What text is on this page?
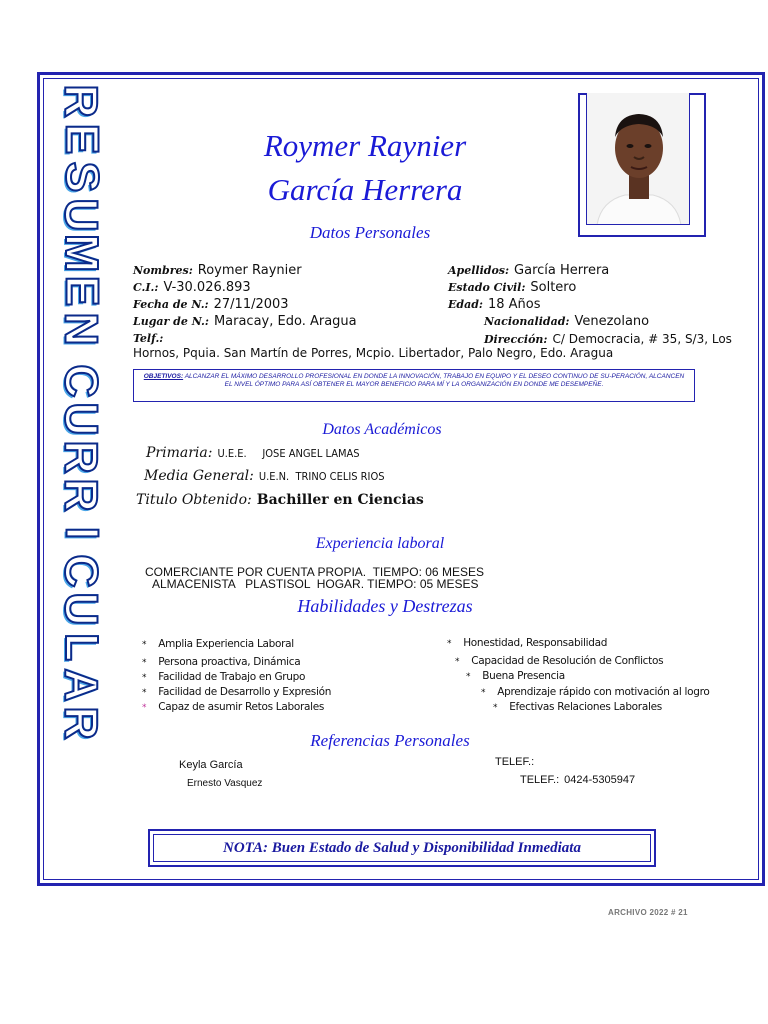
R
E
S
U
M
E
N
C
U
R
R
I
C
U
L
A
R
Roymer Raynier
García Herrera
Datos Personales
Nombres: Roymer Raynier	Apellidos: García Herrera
C.I.: V-30.026.893	Estado Civil: Soltero
Fecha de N.: 27/11/2003	Edad: 18 Años
Lugar de N.: Maracay, Edo. Aragua	Nacionalidad: Venezolano
Telf.:	Dirección: C/ Democracia, # 35, S/3, Los
Hornos, Pquia. San Martín de Porres, Mcpio. Libertador, Palo Negro, Edo. Aragua
OBJETIVOS: ALCANZAR EL MÁXIMO DESARROLLO PROFESIONAL EN DONDE LA INNOVACIÓN, TRABAJO EN EQUIPO Y EL DESEO CONTINUO DE SU-PERACIÓN, ALCANCEN EL NIVEL ÓPTIMO PARA ASÍ OBTENER EL MAYOR BENEFICIO PARA MÍ Y LA ORGANIZACIÓN EN DONDE ME DESEMPEÑE.
Datos Académicos
Primaria: U.E.E.     JOSE ANGEL LAMAS
Media General: U.E.N.  TRINO CELIS RIOS
Titulo Obtenido: Bachiller en Ciencias
Experiencia laboral
COMERCIANTE POR CUENTA PROPIA.  TIEMPO: 06 MESES
ALMACENISTA   PLASTISOL  HOGAR. TIEMPO: 05 MESES
Habilidades y Destrezas
* Amplia Experiencia Laboral
* Persona proactiva, Dinámica
* Facilidad de Trabajo en Grupo
* Facilidad de Desarrollo y Expresión
* Capaz de asumir Retos Laborales
* Honestidad, Responsabilidad
* Capacidad de Resolución de Conflictos
* Buena Presencia
* Aprendizaje rápido con motivación al logro
* Efectivas Relaciones Laborales
Referencias Personales
Keyla García	TELEF.:
Ernesto Vasquez	TELEF.: 0424-5305947
NOTA: Buen Estado de Salud y Disponibilidad Inmediata
ARCHIVO 2022 # 21
